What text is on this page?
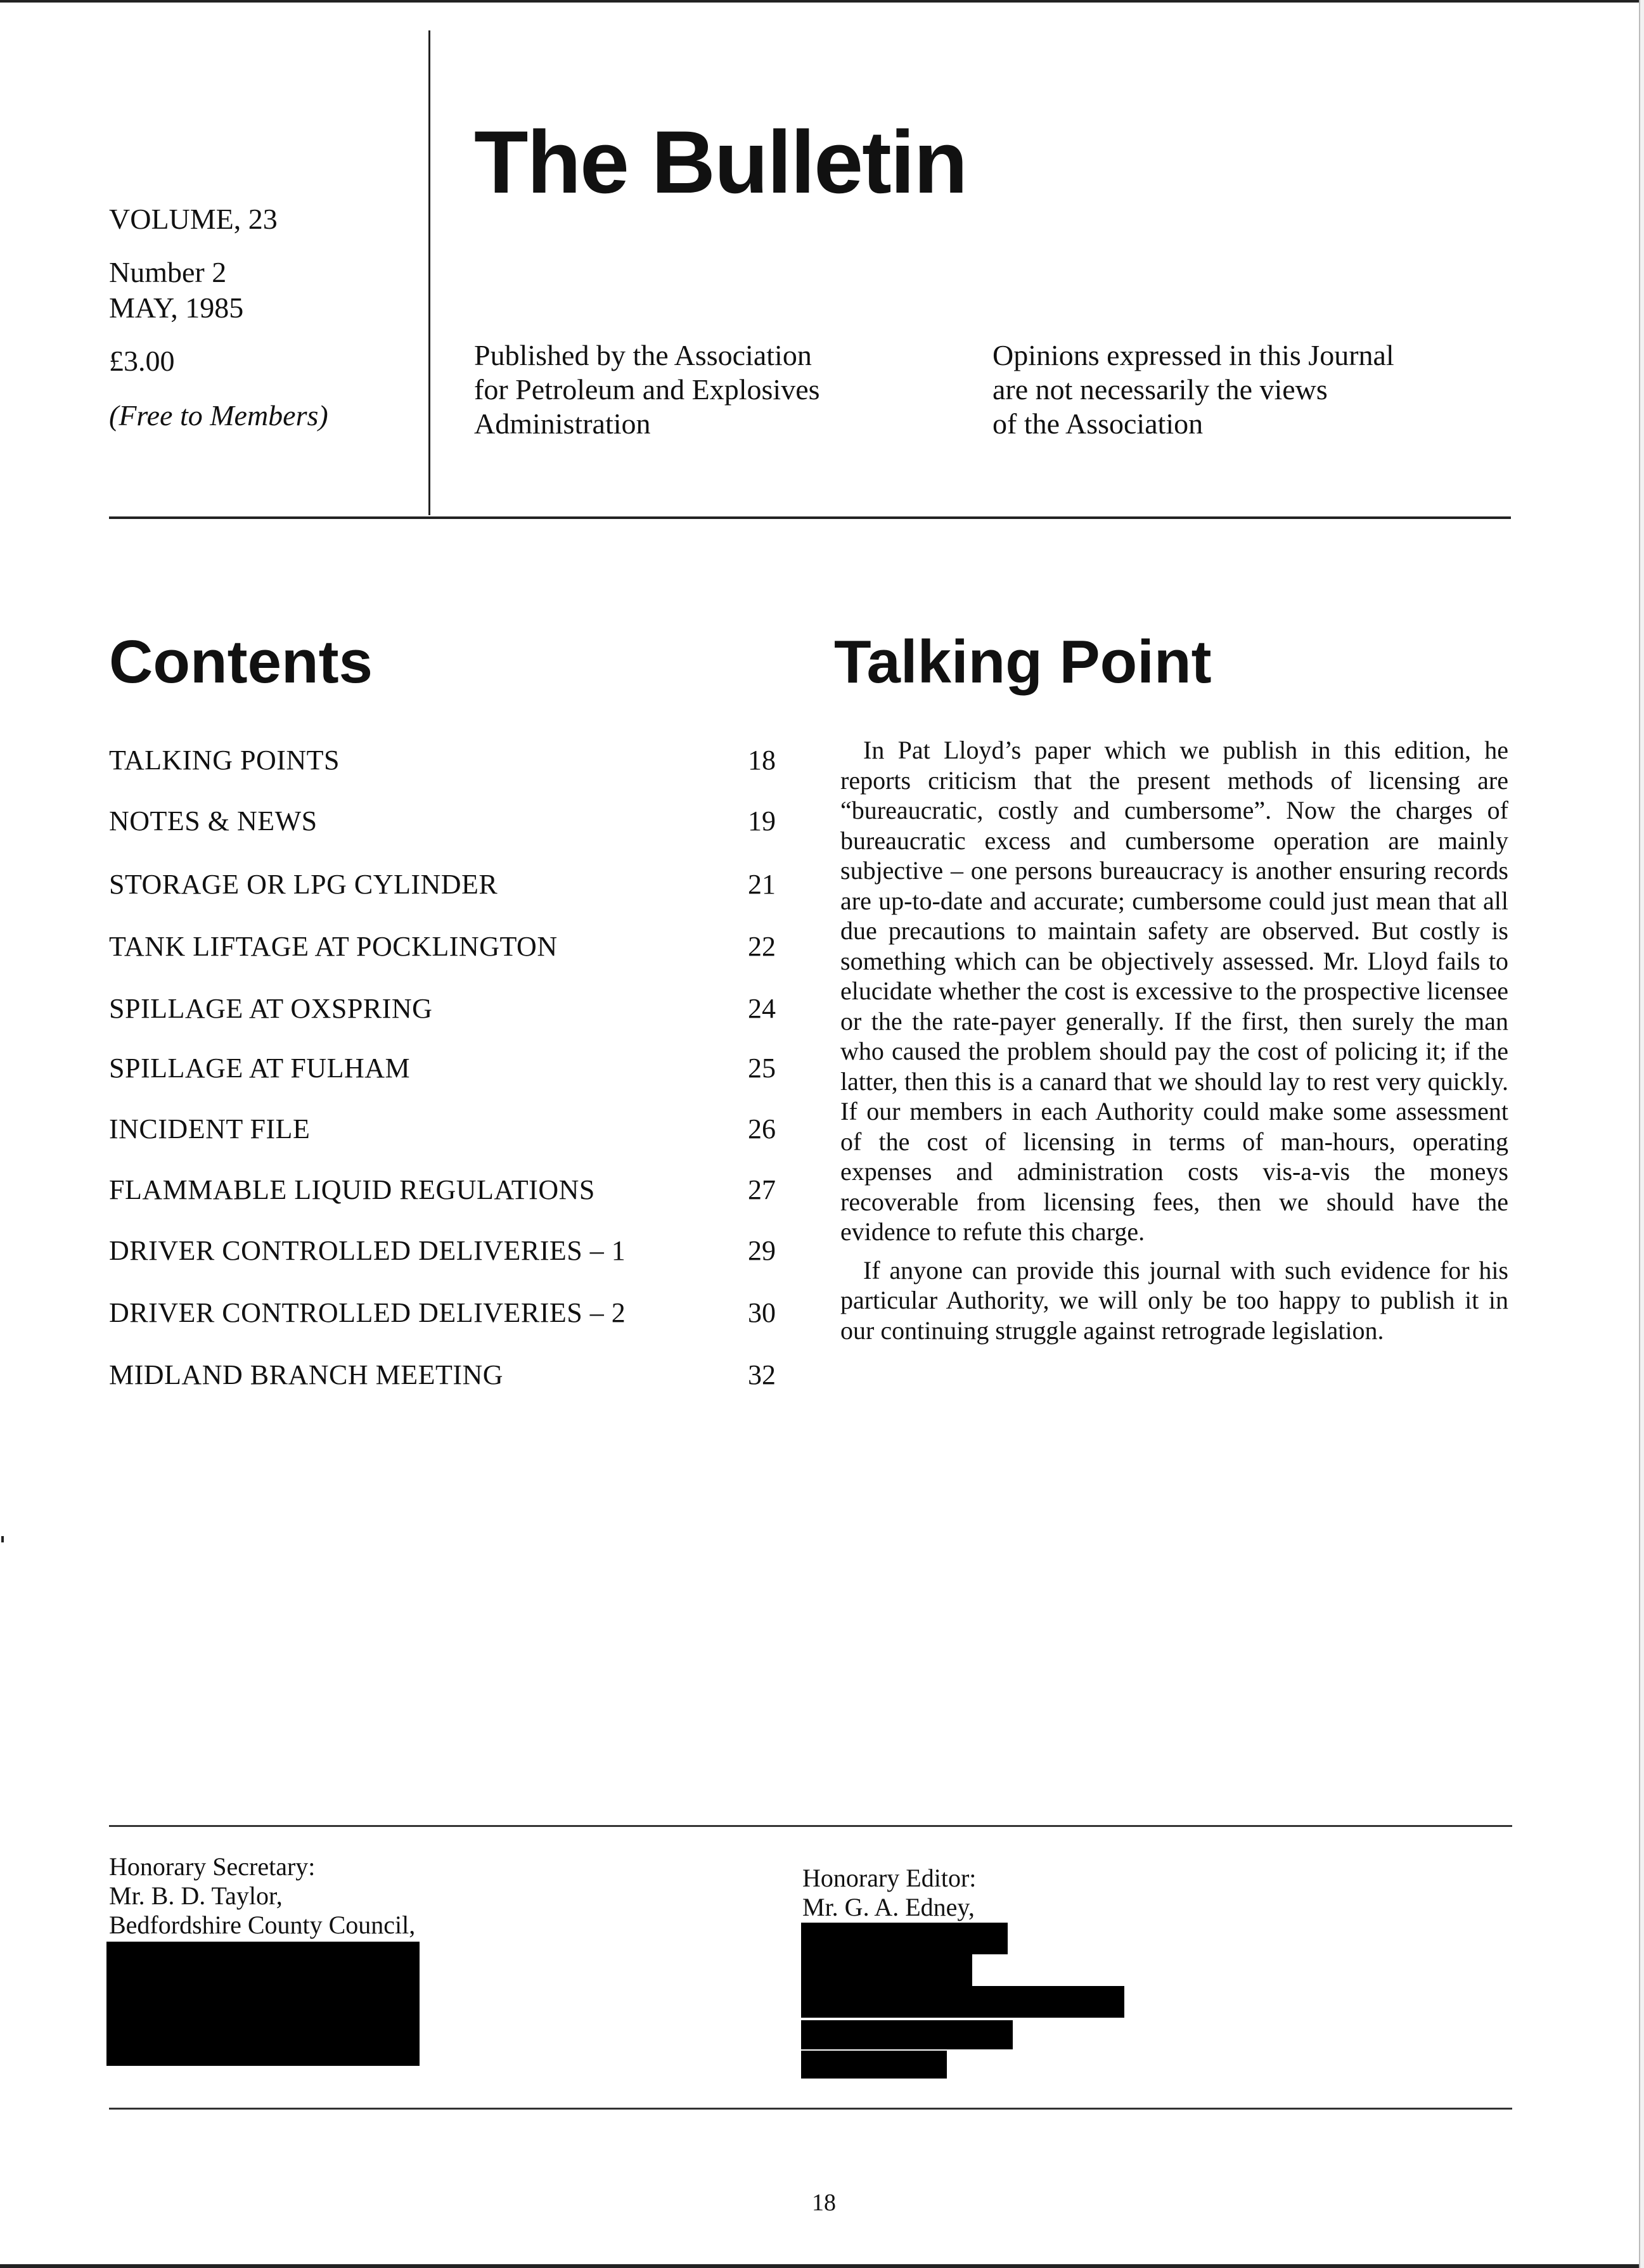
VOLUME, 23
Number 2
MAY, 1985
£3.00
(Free to Members)
The Bulletin
Published by the Association
for Petroleum and Explosives
Administration
Opinions expressed in this Journal
are not necessarily the views
of the Association
Contents
TALKING POINTS	18
NOTES & NEWS	19
STORAGE OR LPG CYLINDER	21
TANK LIFTAGE AT POCKLINGTON	22
SPILLAGE AT OXSPRING	24
SPILLAGE AT FULHAM	25
INCIDENT FILE	26
FLAMMABLE LIQUID REGULATIONS	27
DRIVER CONTROLLED DELIVERIES – 1	29
DRIVER CONTROLLED DELIVERIES – 2	30
MIDLAND BRANCH MEETING	32
Talking Point

In Pat Lloyd’s paper which we publish in this edition, he reports criticism that the present methods of licensing are “bureaucratic, costly and cumbersome”. Now the charges of bureaucratic excess and cumbersome operation are mainly subjective – one persons bureaucracy is another ensuring records are up-to-date and accurate; cumbersome could just mean that all due precautions to maintain safety are observed. But costly is something which can be objectively assessed. Mr. Lloyd fails to elucidate whether the cost is excessive to the prospective licensee or the the rate-payer generally. If the first, then surely the man who caused the problem should pay the cost of policing it; if the latter, then this is a canard that we should lay to rest very quickly. If our members in each Authority could make some assessment of the cost of licensing in terms of man-hours, operating expenses and administration costs vis-a-vis the moneys recoverable from licensing fees, then we should have the evidence to refute this charge.

If anyone can provide this journal with such evidence for his particular Authority, we will only be too happy to publish it in our continuing struggle against retrograde legislation.

Honorary Secretary:
Mr. B. D. Taylor,
Bedfordshire County Council,
Honorary Editor:
Mr. G. A. Edney,
18
